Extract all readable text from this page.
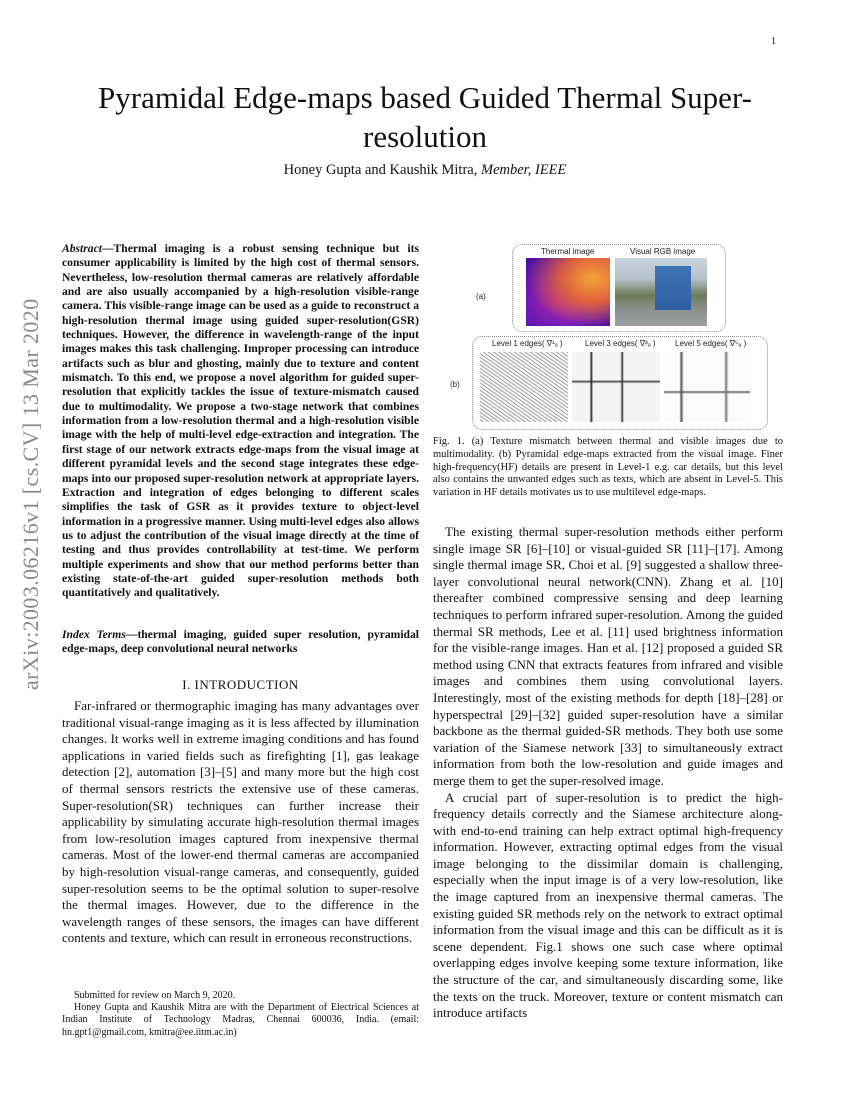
1
arXiv:2003.06216v1 [cs.CV] 13 Mar 2020
Pyramidal Edge-maps based Guided Thermal Super-resolution
Honey Gupta and Kaushik Mitra, Member, IEEE
Abstract—Thermal imaging is a robust sensing technique but its consumer applicability is limited by the high cost of thermal sensors. Nevertheless, low-resolution thermal cameras are relatively affordable and are also usually accompanied by a high-resolution visible-range camera. This visible-range image can be used as a guide to reconstruct a high-resolution thermal image using guided super-resolution(GSR) techniques. However, the difference in wavelength-range of the input images makes this task challenging. Improper processing can introduce artifacts such as blur and ghosting, mainly due to texture and content mismatch. To this end, we propose a novel algorithm for guided super-resolution that explicitly tackles the issue of texture-mismatch caused due to multimodality. We propose a two-stage network that combines information from a low-resolution thermal and a high-resolution visible image with the help of multi-level edge-extraction and integration. The first stage of our network extracts edge-maps from the visual image at different pyramidal levels and the second stage integrates these edge-maps into our proposed super-resolution network at appropriate layers. Extraction and integration of edges belonging to different scales simplifies the task of GSR as it provides texture to object-level information in a progressive manner. Using multi-level edges also allows us to adjust the contribution of the visual image directly at the time of testing and thus provides controllability at test-time. We perform multiple experiments and show that our method performs better than existing state-of-the-art guided super-resolution methods both quantitatively and qualitatively.
Index Terms—thermal imaging, guided super resolution, pyramidal edge-maps, deep convolutional neural networks
I. INTRODUCTION
Far-infrared or thermographic imaging has many advantages over traditional visual-range imaging as it is less affected by illumination changes. It works well in extreme imaging conditions and has found applications in varied fields such as firefighting [1], gas leakage detection [2], automation [3]–[5] and many more but the high cost of thermal sensors restricts the extensive use of these cameras. Super-resolution(SR) techniques can further increase their applicability by simulating accurate high-resolution thermal images from low-resolution images captured from inexpensive thermal cameras. Most of the lower-end thermal cameras are accompanied by high-resolution visual-range cameras, and consequently, guided super-resolution seems to be the optimal solution to super-resolve the thermal images. However, due to the difference in the wavelength ranges of these sensors, the images can have different contents and texture, which can result in erroneous reconstructions.

Submitted for review on March 9, 2020.

Honey Gupta and Kaushik Mitra are with the Department of Electrical Sciences at Indian Institute of Technology Madras, Chennai 600036, India. (email: hn.gpt1@gmail.com, kmitra@ee.iitm.ac.in)

(a)
Thermal image	Visual RGB image
(b)
Level 1 edges( ∇¹ₐ )	Level 3 edges( ∇³ₐ ) Level 5 edges( ∇⁵ₐ )
Fig. 1. (a) Texture mismatch between thermal and visible images due to multimodality. (b) Pyramidal edge-maps extracted from the visual image. Finer high-frequency(HF) details are present in Level-1 e.g. car details, but this level also contains the unwanted edges such as texts, which are absent in Level-5. This variation in HF details motivates us to use multilevel edge-maps.

The existing thermal super-resolution methods either perform single image SR [6]–[10] or visual-guided SR [11]–[17]. Among single thermal image SR, Choi et al. [9] suggested a shallow three-layer convolutional neural network(CNN). Zhang et al. [10] thereafter combined compressive sensing and deep learning techniques to perform infrared super-resolution. Among the guided thermal SR methods, Lee et al. [11] used brightness information for the visible-range images. Han et al. [12] proposed a guided SR method using CNN that extracts features from infrared and visible images and combines them using convolutional layers. Interestingly, most of the existing methods for depth [18]–[28] or hyperspectral [29]–[32] guided super-resolution have a similar backbone as the thermal guided-SR methods. They both use some variation of the Siamese network [33] to simultaneously extract information from both the low-resolution and guide images and merge them to get the super-resolved image.

A crucial part of super-resolution is to predict the high-frequency details correctly and the Siamese architecture along-with end-to-end training can help extract optimal high-frequency information. However, extracting optimal edges from the visual image belonging to the dissimilar domain is challenging, especially when the input image is of a very low-resolution, like the image captured from an inexpensive thermal cameras. The existing guided SR methods rely on the network to extract optimal information from the visual image and this can be difficult as it is scene dependent. Fig.1 shows one such case where optimal overlapping edges involve keeping some texture information, like the structure of the car, and simultaneously discarding some, like the texts on the truck. Moreover, texture or content mismatch can introduce artifacts
